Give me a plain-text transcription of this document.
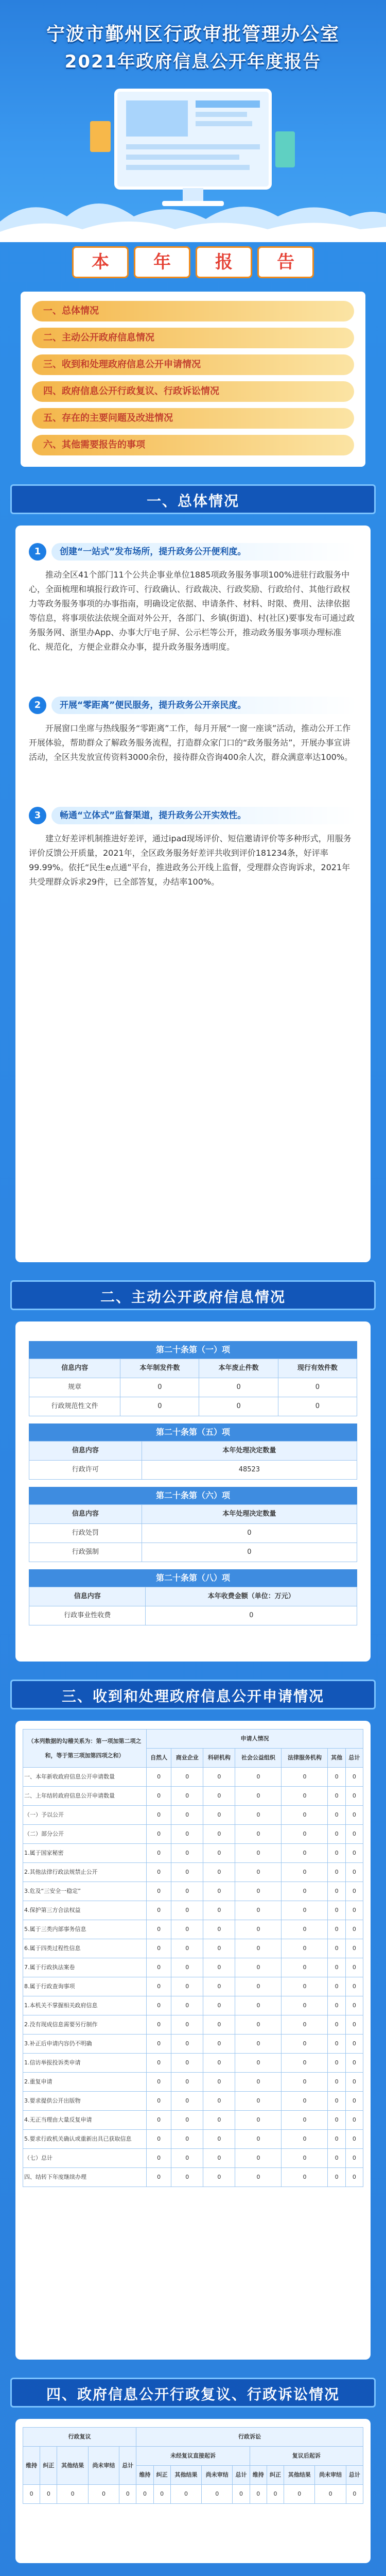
宁波市鄞州区行政审批管理办公室
2021年政府信息公开年度报告
本	年	报	告
一、总体情况
二、主动公开政府信息情况
三、收到和处理政府信息公开申请情况
四、政府信息公开行政复议、行政诉讼情况
五、存在的主要问题及改进情况
六、其他需要报告的事项
一、总体情况
1	创建“一站式”发布场所，提升政务公开便利度。

推动全区41个部门11个公共企事业单位1885项政务服务事项100%进驻行政服务中心，全面梳理和填报行政许可、行政确认、行政裁决、行政奖励、行政给付、其他行政权力等政务服务事项的办事指南，明确设定依据、申请条件、材料、时限、费用、法律依据等信息，将事项依法依规全面对外公开，各部门、乡镇(街道)、村(社区)要事发布可通过政务服务网、浙里办App、办事大厅电子屏、公示栏等公开，推动政务服务事项办理标准化、规范化，方便企业群众办事，提升政务服务透明度。

2	开展“零距离”便民服务，提升政务公开亲民度。

开展窗口坐席与热线服务“零距离”工作，每月开展“一窗一座谈”活动，推动公开工作开展体验，帮助群众了解政务服务流程，打造群众家门口的“政务服务站”，开展办事宣讲活动，全区共发放宣传资料3000余份，接待群众咨询400余人次，群众满意率达100%。

3	畅通“立体式”监督渠道，提升政务公开实效性。

建立好差评机制推进好差评，通过ipad现场评价、短信邀请评价等多种形式，用服务评价反馈公开质量，2021年，全区政务服务好差评共收到评价181234条，好评率99.99%。依托“民生e点通”平台，推进政务公开线上监督，受理群众咨询诉求，2021年共受理群众诉求29件，已全部答复，办结率100%。

二、主动公开政府信息情况
第二十条第（一）项
信息内容	本年制发件数	本年废止件数	现行有效件数
规章	0	0	0
行政规范性文件	0	0	0
第二十条第（五）项
信息内容	本年处理决定数量
行政许可	48523
第二十条第（六）项
信息内容	本年处理决定数量
行政处罚	0
行政强制	0
第二十条第（八）项
信息内容	本年收费金额（单位：万元）
行政事业性收费	0
三、收到和处理政府信息公开申请情况
（本列数据的勾稽关系为：第一项加第二项之和，等于第三项加第四项之和）	申请人情况						
	自然人	商业企业	科研机构	社会公益组织	法律服务机构	其他	总计
一、本年新收政府信息公开申请数量	0	0	0	0	0	0	0
二、上年结转政府信息公开申请数量	0	0	0	0	0	0	0
（一）予以公开	0	0	0	0	0	0	0
（二）部分公开	0	0	0	0	0	0	0
1.属于国家秘密	0	0	0	0	0	0	0
2.其他法律行政法规禁止公开	0	0	0	0	0	0	0
3.危及“三安全一稳定”	0	0	0	0	0	0	0
4.保护第三方合法权益	0	0	0	0	0	0	0
5.属于三类内部事务信息	0	0	0	0	0	0	0
6.属于四类过程性信息	0	0	0	0	0	0	0
7.属于行政执法案卷	0	0	0	0	0	0	0
8.属于行政查询事项	0	0	0	0	0	0	0
1.本机关不掌握相关政府信息	0	0	0	0	0	0	0
2.没有现成信息需要另行制作	0	0	0	0	0	0	0
3.补正后申请内容仍不明确	0	0	0	0	0	0	0
1.信访举报投诉类申请	0	0	0	0	0	0	0
2.重复申请	0	0	0	0	0	0	0
3.要求提供公开出版物	0	0	0	0	0	0	0
4.无正当理由大量反复申请	0	0	0	0	0	0	0
5.要求行政机关确认或重新出具已获取信息	0	0	0	0	0	0	0
（七）总计	0	0	0	0	0	0	0
四、结转下年度继续办理	0	0	0	0	0	0	0
四、政府信息公开行政复议、行政诉讼情况
行政复议					行政诉讼									
维持	纠正	其他结果	尚未审结	总计	未经复议直接起诉					复议后起诉				
					维持	纠正	其他结果	尚未审结	总计	维持	纠正	其他结果	尚未审结	总计
0	0	0	0	0	0	0	0	0	0	0	0	0	0	0
